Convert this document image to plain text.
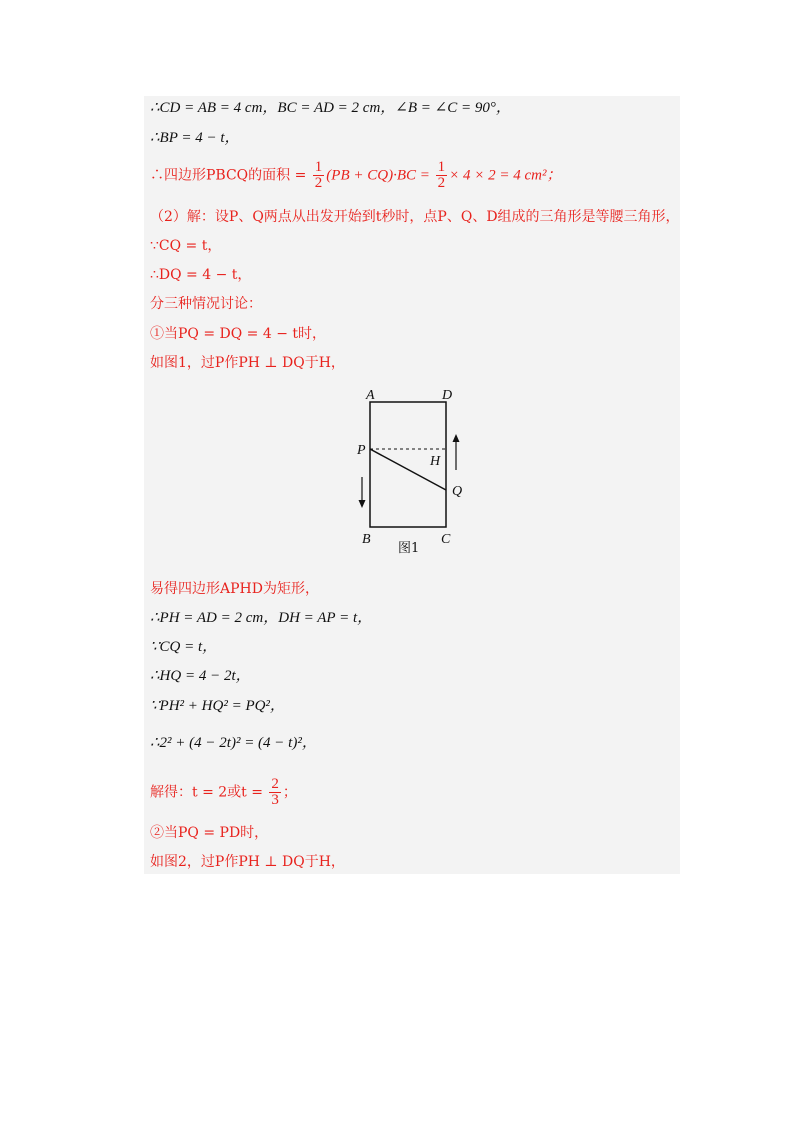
∴CD = AB = 4 cm，BC = AD = 2 cm，∠B = ∠C = 90°，
∴BP = 4 − t，
∴四边形PBCQ的面积 = $\frac{1}{2} (PB + CQ)\cdot BC = \frac{1}{2} \times 4 \times 2 = 4$ cm²；
（2）解：设P、Q两点从出发开始到t秒时，点P、Q、D组成的三角形是等腰三角形，
∵CQ = t，
∴DQ = 4 − t，
分三种情况讨论：
①当PQ = DQ = 4 − t时，
如图1，过P作PH ⊥ DQ于H，
A	D
P
H
Q
B	C
图1
易得四边形APHD为矩形，
∴PH = AD = 2 cm，DH = AP = t，
∵CQ = t，
∴HQ = 4 − 2t，
∵PH² + HQ² = PQ²，
∴2² + (4 − 2t)² = (4 − t)²，
解得：t = 2或$t = \frac{2}{3}$ ；
②当PQ = PD时，
如图2，过P作PH ⊥ DQ于H，
